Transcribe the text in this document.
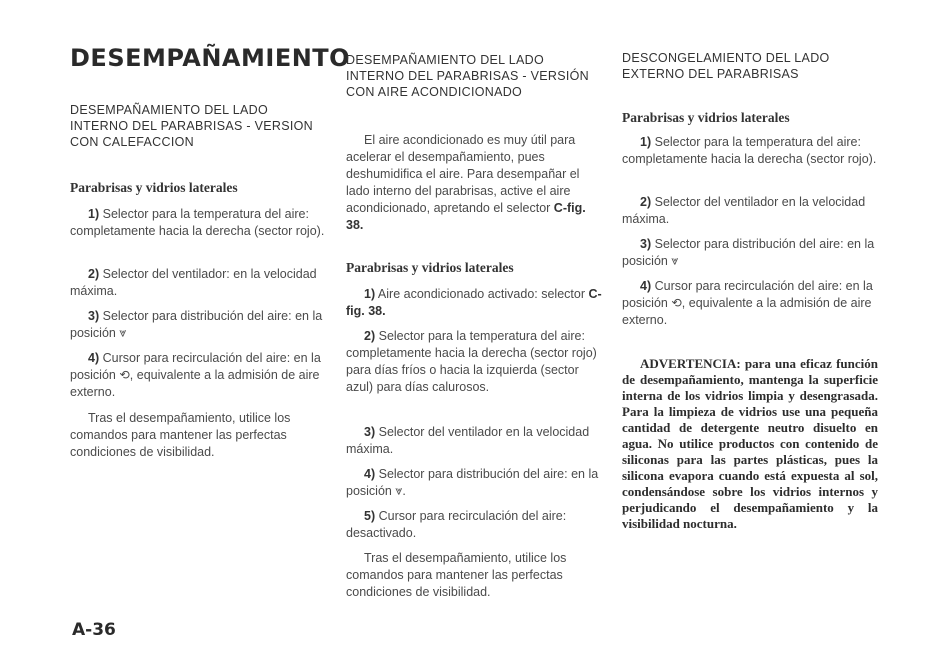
DESEMPAÑAMIENTO

DESEMPAÑAMIENTO DEL LADO INTERNO DEL PARABRISAS - VERSION CON CALEFACCION

Parabrisas y vidrios laterales

1) Selector para la temperatura del aire: completamente hacia la derecha (sector rojo).

2) Selector del ventilador: en la velocidad máxima.

3) Selector para distribución del aire: en la posición ⩔

4) Cursor para recirculación del aire: en la posición ⟲, equivalente a la admisión de aire externo.

Tras el desempañamiento, utilice los comandos para mantener las perfectas condiciones de visibilidad.

DESEMPAÑAMIENTO DEL LADO INTERNO DEL PARABRISAS - VERSIÓN CON AIRE ACONDICIONADO

El aire acondicionado es muy útil para acelerar el desempañamiento, pues deshumidifica el aire. Para desempañar el lado interno del parabrisas, active el aire acondicionado, apretando el selector C-fig. 38.

Parabrisas y vidrios laterales

1) Aire acondicionado activado: selector C-fig. 38.

2) Selector para la temperatura del aire: completamente hacia la derecha (sector rojo) para días fríos o hacia la izquierda (sector azul) para días calurosos.

3) Selector del ventilador en la velocidad máxima.

4) Selector para distribución del aire: en la posición ⩔.

5) Cursor para recirculación del aire: desactivado.

Tras el desempañamiento, utilice los comandos para mantener las perfectas condiciones de visibilidad.

DESCONGELAMIENTO DEL LADO EXTERNO DEL PARABRISAS

Parabrisas y vidrios laterales

1) Selector para la temperatura del aire: completamente hacia la derecha (sector rojo).

2) Selector del ventilador en la velocidad máxima.

3) Selector para distribución del aire: en la posición ⩔

4) Cursor para recirculación del aire: en la posición ⟲, equivalente a la admisión de aire externo.

ADVERTENCIA: para una eficaz función de desempañamiento, mantenga la superficie interna de los vidrios limpia y desengrasada. Para la limpieza de vidrios use una pequeña cantidad de detergente neutro disuelto en agua. No utilice productos con contenido de siliconas para las partes plásticas, pues la silicona evapora cuando está expuesta al sol, condensándose sobre los vidrios internos y perjudicando el desempañamiento y la visibilidad nocturna.

A-36
